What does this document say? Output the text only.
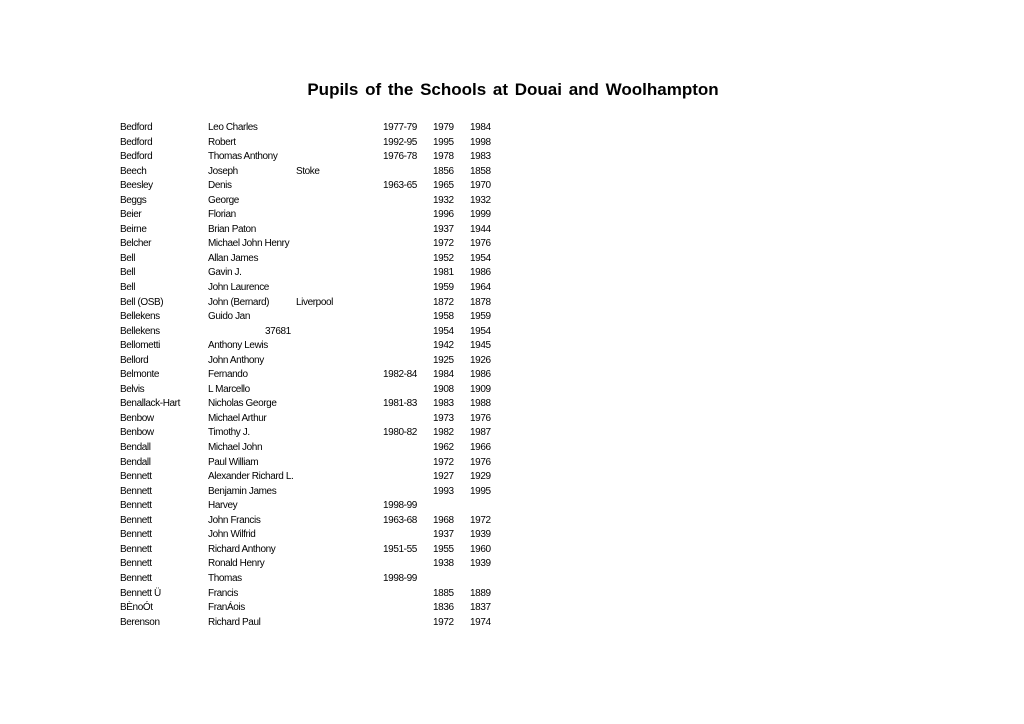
Pupils of the Schools at Douai and Woolhampton
Bedford	Leo Charles	1977-79 1979 1984
Bedford	Robert	1992-95 1995 1998
Bedford	Thomas Anthony	1976-78 1978 1983
Beech	Joseph	Stoke	1856 1858
Beesley	Denis	1963-65 1965 1970
Beggs	George	1932 1932
Beier	Florian	1996 1999
Beirne	Brian Paton	1937 1944
Belcher	Michael John Henry	1972 1976
Bell	Allan James	1952 1954
Bell	Gavin J.	1981 1986
Bell	John Laurence	1959 1964
Bell (OSB)	John (Bernard)	Liverpool	1872 1878
Bellekens	Guido Jan	1958 1959
Bellekens	37681	1954 1954
Bellometti	Anthony Lewis	1942 1945
Bellord	John Anthony	1925 1926
Belmonte	Fernando	1982-84 1984 1986
Belvis	L Marcello	1908 1909
Benallack-Hart	Nicholas George	1981-83 1983 1988
Benbow	Michael Arthur	1973 1976
Benbow	Timothy J.	1980-82 1982 1987
Bendall	Michael John	1962 1966
Bendall	Paul William	1972 1976
Bennett	Alexander Richard L.	1927 1929
Bennett	Benjamin James	1993 1995
Bennett	Harvey	1998-99
Bennett	John Francis	1963-68 1968 1972
Bennett	John Wilfrid	1937 1939
Bennett	Richard Anthony	1951-55 1955 1960
Bennett	Ronald Henry	1938 1939
Bennett	Thomas	1998-99
Bennett Ü	Francis	1885 1889
BÈnoÓt	FranÁois	1836 1837
Berenson	Richard Paul	1972 1974
